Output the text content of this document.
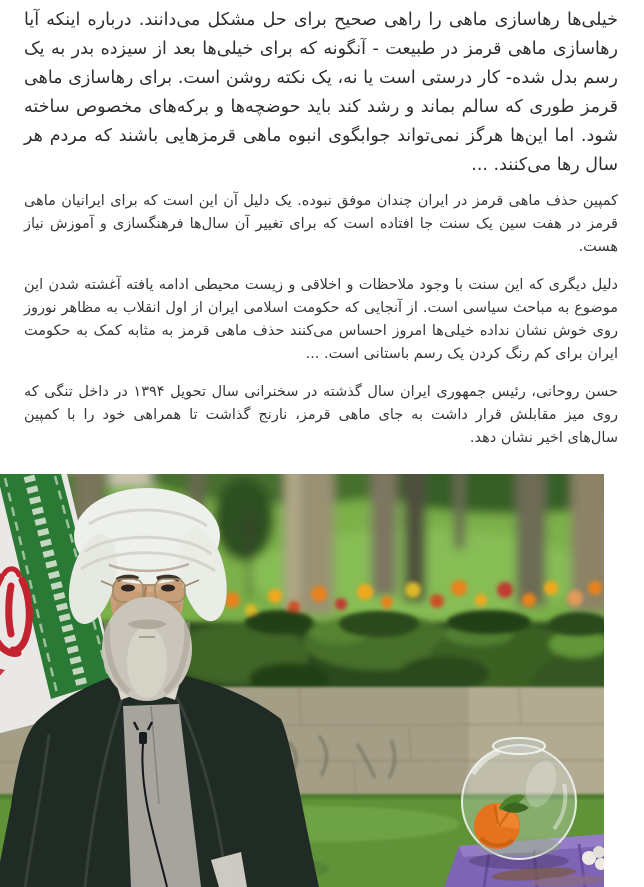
خیلی‌ها رهاسازی ماهی را راهی صحیح برای حل مشکل می‌دانند. درباره اینکه آیا رهاسازی ماهی قرمز در طبیعت - آنگونه که برای خیلی‌ها بعد از سیزده بدر به یک رسم بدل شده- کار درستی است یا نه، یک نکته روشن است. برای رهاسازی ماهی قرمز طوری که سالم بماند و رشد کند باید حوضچه‌ها و برکه‌های مخصوص ساخته شود. اما این‌ها هرگز نمی‌تواند جوابگوی انبوه ماهی قرمزهایی باشند که مردم هر سال رها می‌کنند. ...

کمپین حذف ماهی قرمز در ایران چندان موفق نبوده. یک دلیل آن این است که برای ایرانیان ماهی قرمز در هفت سین یک سنت جا افتاده است که برای تغییر آن سال‌ها فرهنگسازی و آموزش نیاز هست.

دلیل دیگری که این سنت با وجود ملاحظات و اخلاقی و زیست محیطی ادامه یافته آغشته شدن این موضوع به مباحث سیاسی است. از آنجایی که حکومت اسلامی ایران از اول انقلاب به مظاهر نوروز روی خوش نشان نداده خیلی‌ها امروز احساس می‌کنند حذف ماهی قرمز به مثابه کمک به حکومت ایران برای کم رنگ کردن یک رسم باستانی است. ...

حسن روحانی، رئیس جمهوری ایران سال گذشته در سخنرانی سال تحویل ۱۳۹۴ در داخل تنگی که روی میز مقابلش قرار داشت به جای ماهی قرمز، نارنج گذاشت تا همراهی خود را با کمپین سال‌های اخیر نشان دهد.
